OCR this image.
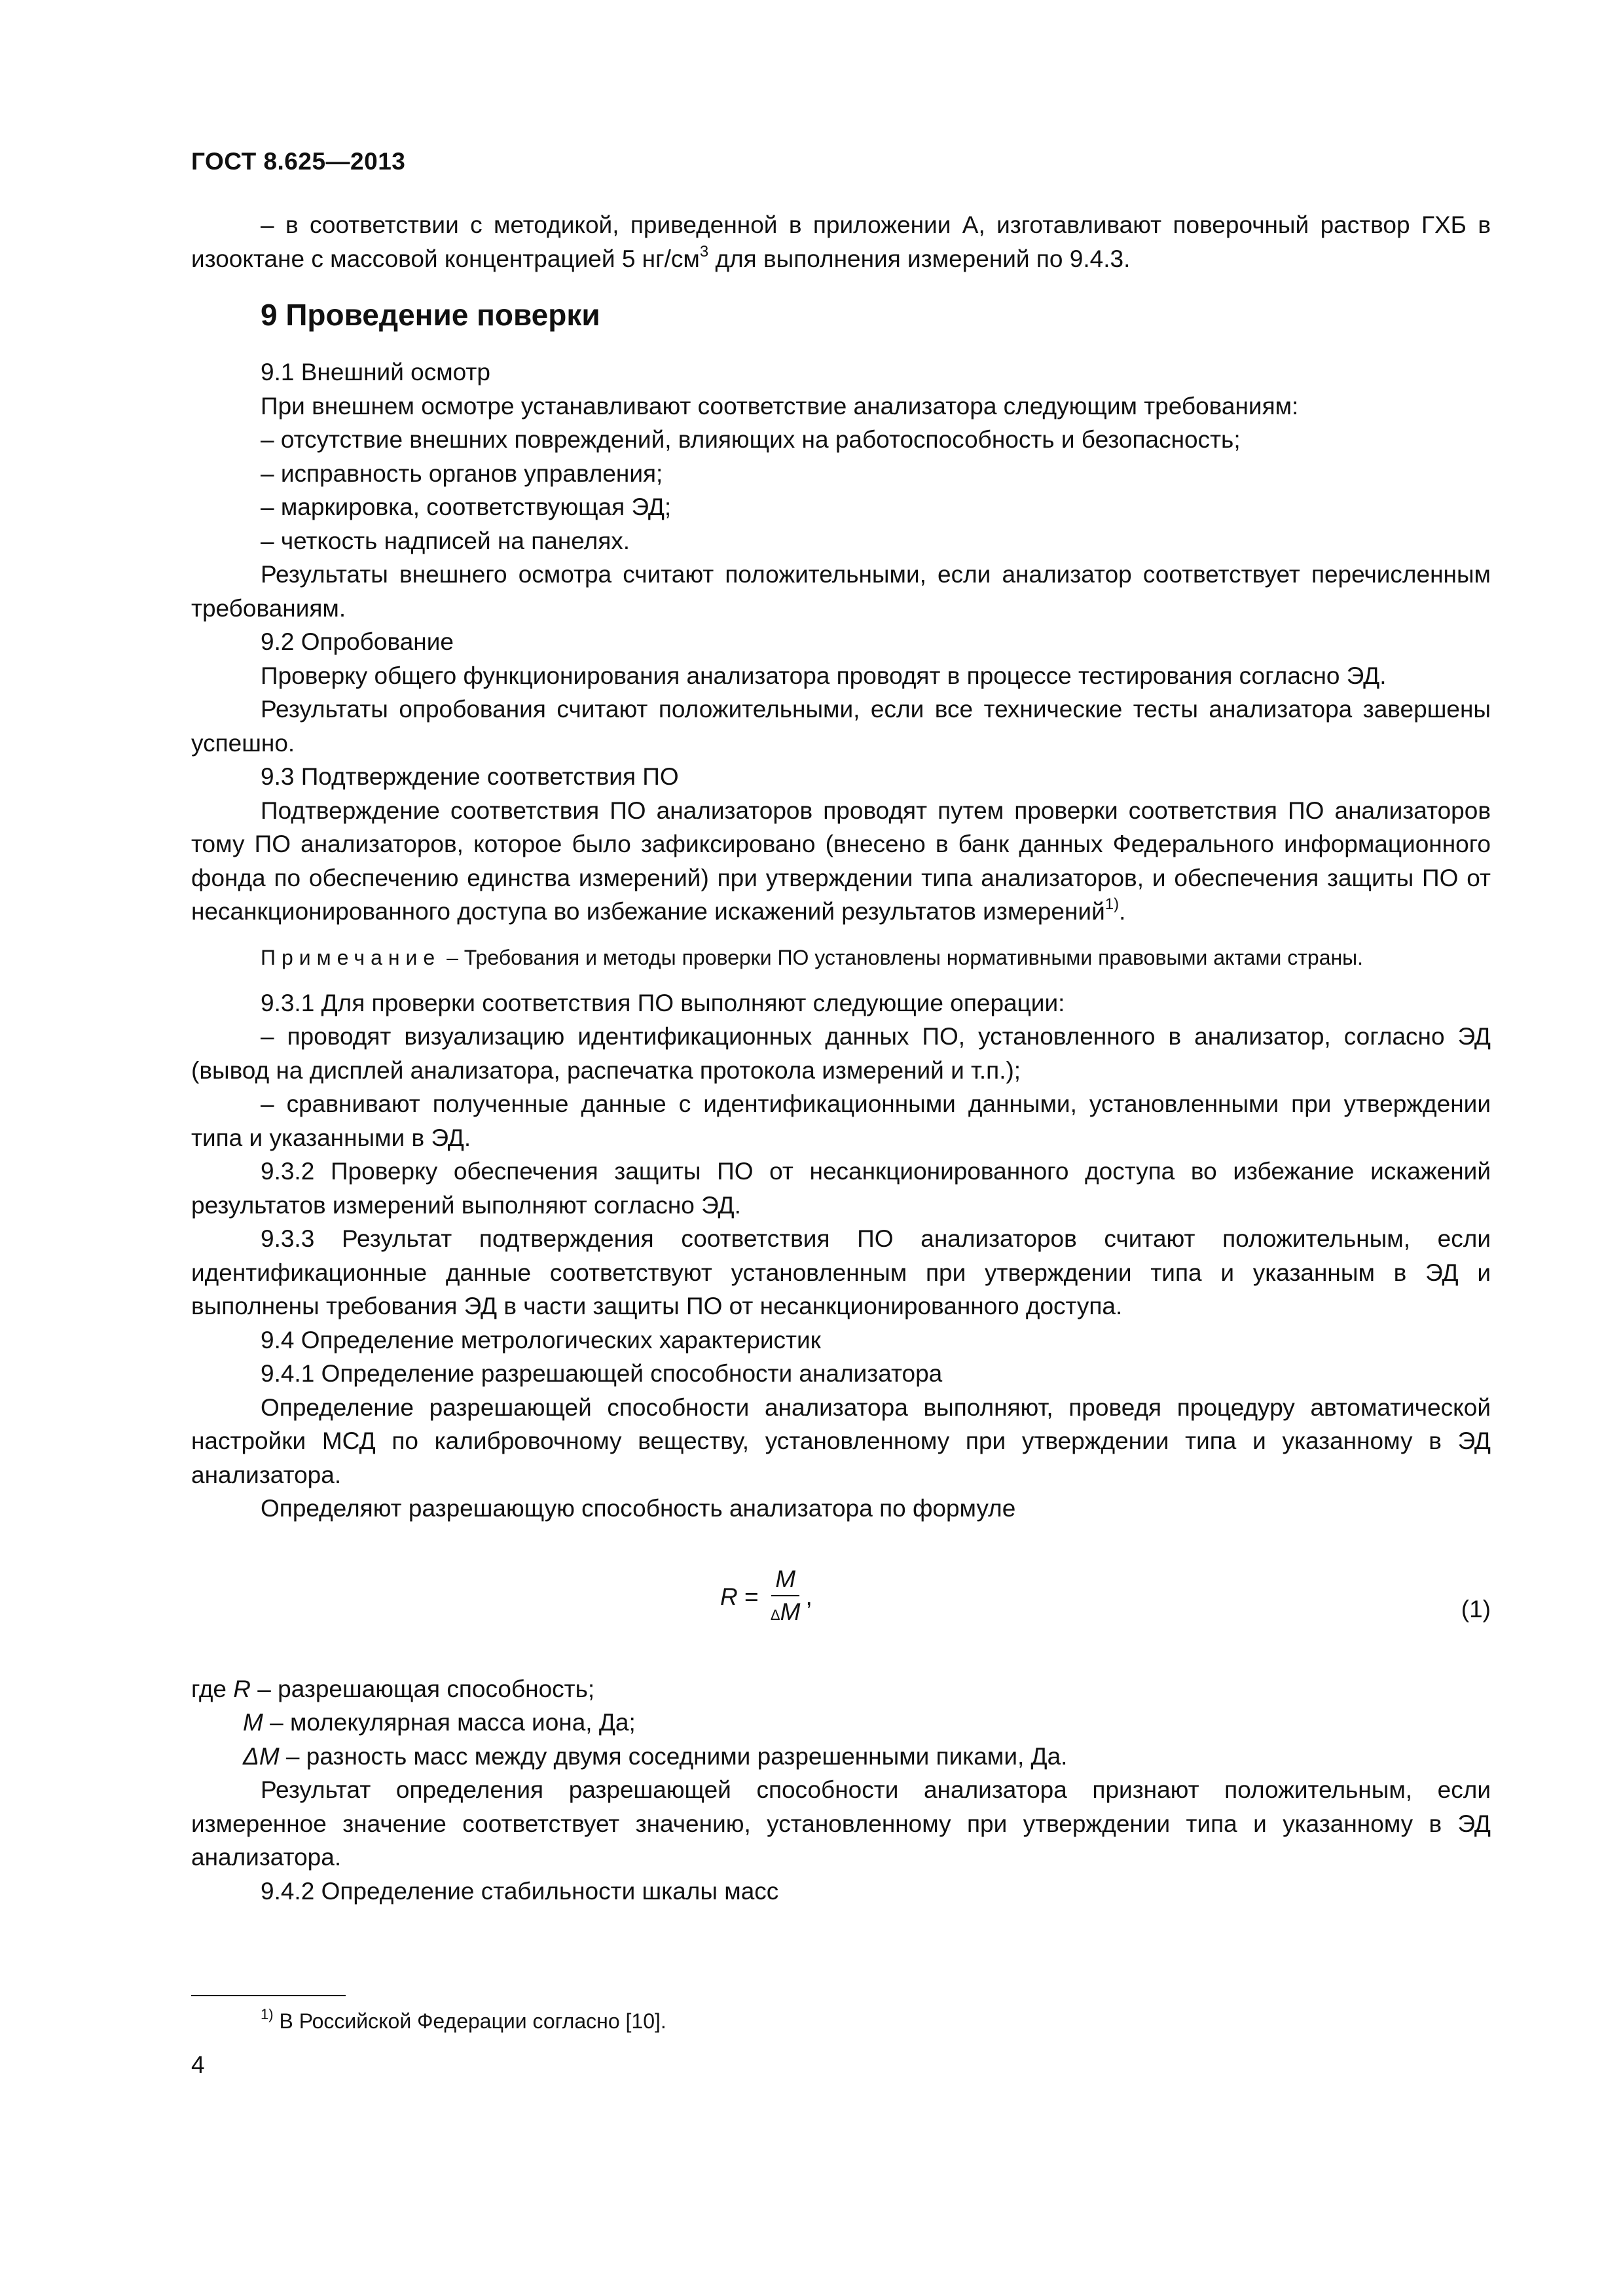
ГОСТ 8.625—2013

– в соответствии с методикой, приведенной в приложении А, изготавливают поверочный раствор ГХБ в изооктане с массовой концентрацией 5 $нг/см^3$ для выполнения измерений по 9.4.3.

9 Проведение поверки

9.1 Внешний осмотр

При внешнем осмотре устанавливают соответствие анализатора следующим требованиям:

– отсутствие внешних повреждений, влияющих на работоспособность и безопасность;

– исправность органов управления;

– маркировка, соответствующая ЭД;

– четкость надписей на панелях.

Результаты внешнего осмотра считают положительными, если анализатор соответствует перечисленным требованиям.

9.2 Опробование

Проверку общего функционирования анализатора проводят в процессе тестирования согласно ЭД.

Результаты опробования считают положительными, если все технические тесты анализатора завершены успешно.

9.3 Подтверждение соответствия ПО

Подтверждение соответствия ПО анализаторов проводят путем проверки соответствия ПО анализаторов тому ПО анализаторов, которое было зафиксировано (внесено в банк данных Федерального информационного фонда по обеспечению единства измерений) при утверждении типа анализаторов, и обеспечения защиты ПО от несанкционированного доступа во избежание искажений результатов измерений$^{1)}$.

Примечание – Требования и методы проверки ПО установлены нормативными правовыми актами страны.

9.3.1 Для проверки соответствия ПО выполняют следующие операции:

– проводят визуализацию идентификационных данных ПО, установленного в анализатор, согласно ЭД (вывод на дисплей анализатора, распечатка протокола измерений и т.п.);

– сравнивают полученные данные с идентификационными данными, установленными при утверждении типа и указанными в ЭД.

9.3.2 Проверку обеспечения защиты ПО от несанкционированного доступа во избежание искажений результатов измерений выполняют согласно ЭД.

9.3.3 Результат подтверждения соответствия ПО анализаторов считают положительным, если идентификационные данные соответствуют установленным при утверждении типа и указанным в ЭД и выполнены требования ЭД в части защиты ПО от несанкционированного доступа.

9.4 Определение метрологических характеристик

9.4.1 Определение разрешающей способности анализатора

Определение разрешающей способности анализатора выполняют, проведя процедуру автоматической настройки МСД по калибровочному веществу, установленному при утверждении типа и указанному в ЭД анализатора.

Определяют разрешающую способность анализатора по формуле

$R = \frac{M}{\Delta M}$ ,	(1)

где R – разрешающая способность;

M – молекулярная масса иона, Да;

ΔM – разность масс между двумя соседними разрешенными пиками, Да.

Результат определения разрешающей способности анализатора признают положительным, если измеренное значение соответствует значению, установленному при утверждении типа и указанному в ЭД анализатора.

9.4.2 Определение стабильности шкалы масс

$^{1)}$ В Российской Федерации согласно [10].
4
